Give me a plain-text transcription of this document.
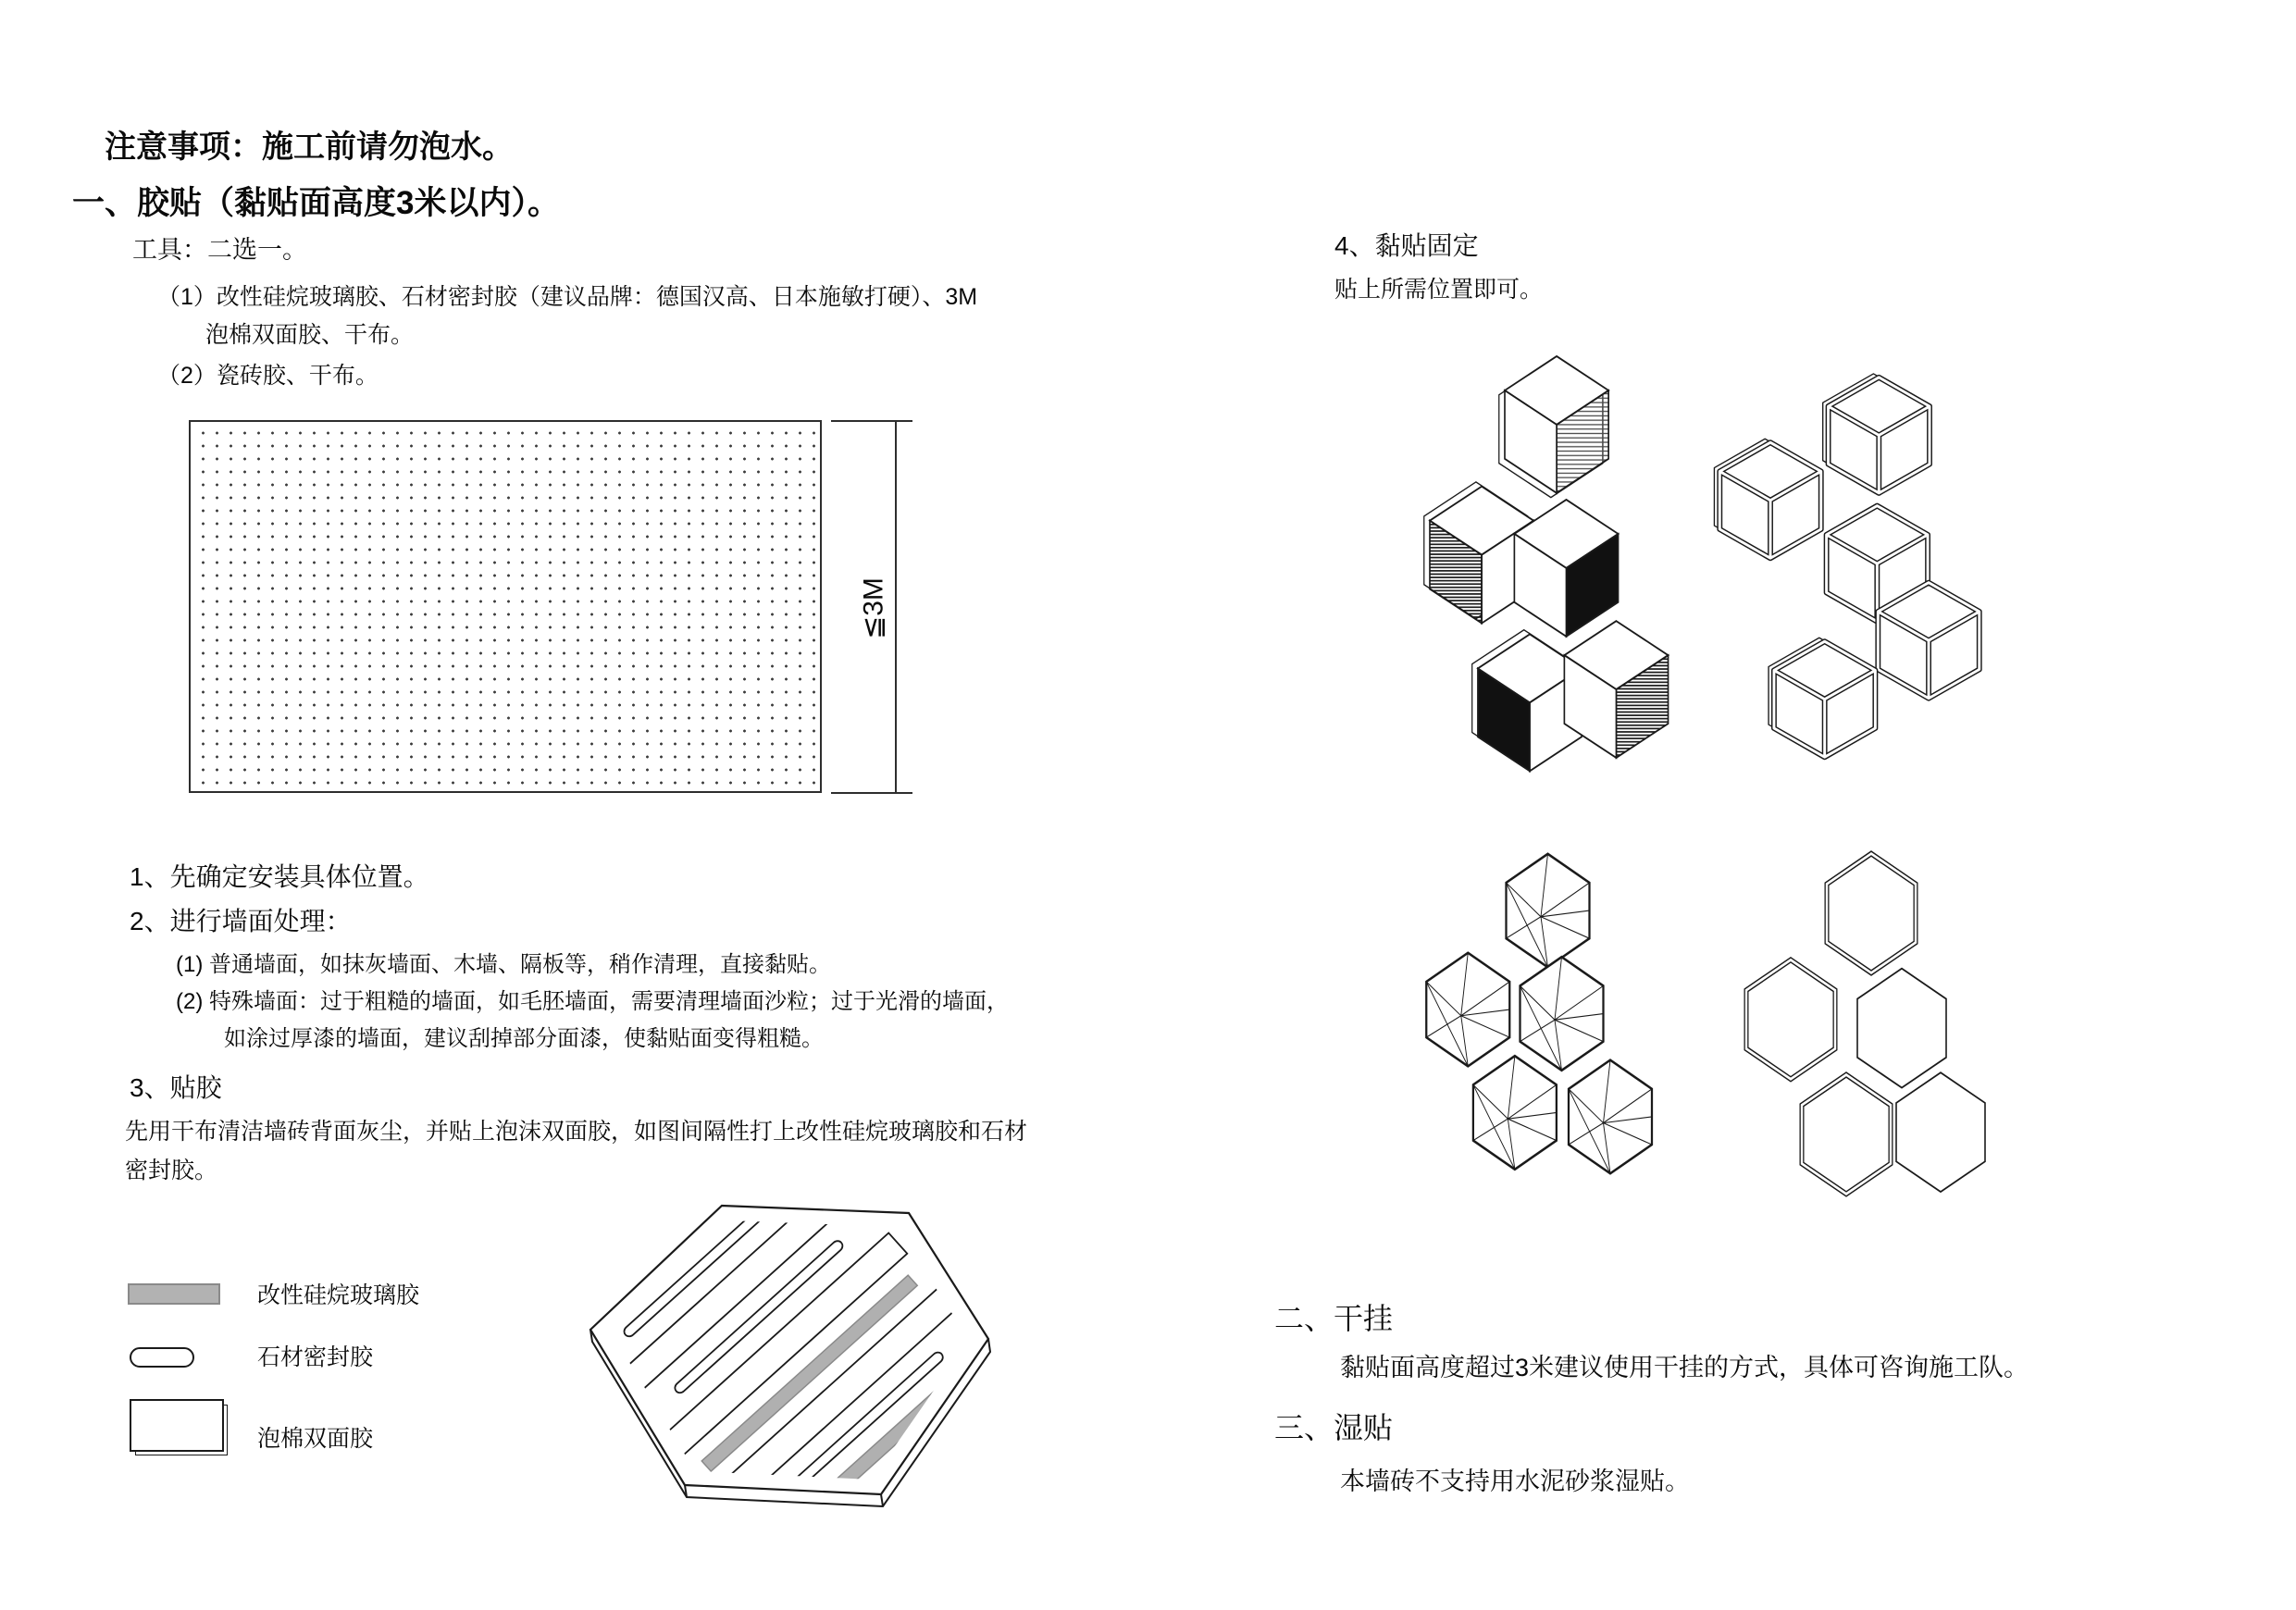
注意事项：施工前请勿泡水。
一、胶贴（黏贴面高度3米以内）。
工具：二选一。
（1）改性硅烷玻璃胶、石材密封胶（建议品牌：德国汉高、日本施敏打硬）、3M
泡棉双面胶、干布。
（2）瓷砖胶、干布。
≦3M
1、先确定安装具体位置。
2、进行墙面处理：
(1) 普通墙面，如抹灰墙面、木墙、隔板等，稍作清理，直接黏贴。
(2) 特殊墙面：过于粗糙的墙面，如毛胚墙面，需要清理墙面沙粒；过于光滑的墙面，
如涂过厚漆的墙面，建议刮掉部分面漆，使黏贴面变得粗糙。
3、贴胶
先用干布清洁墙砖背面灰尘，并贴上泡沫双面胶，如图间隔性打上改性硅烷玻璃胶和石材
密封胶。
改性硅烷玻璃胶
石材密封胶
泡棉双面胶
4、黏贴固定
贴上所需位置即可。
二、干挂
黏贴面高度超过3米建议使用干挂的方式，具体可咨询施工队。
三、湿贴
本墙砖不支持用水泥砂浆湿贴。
